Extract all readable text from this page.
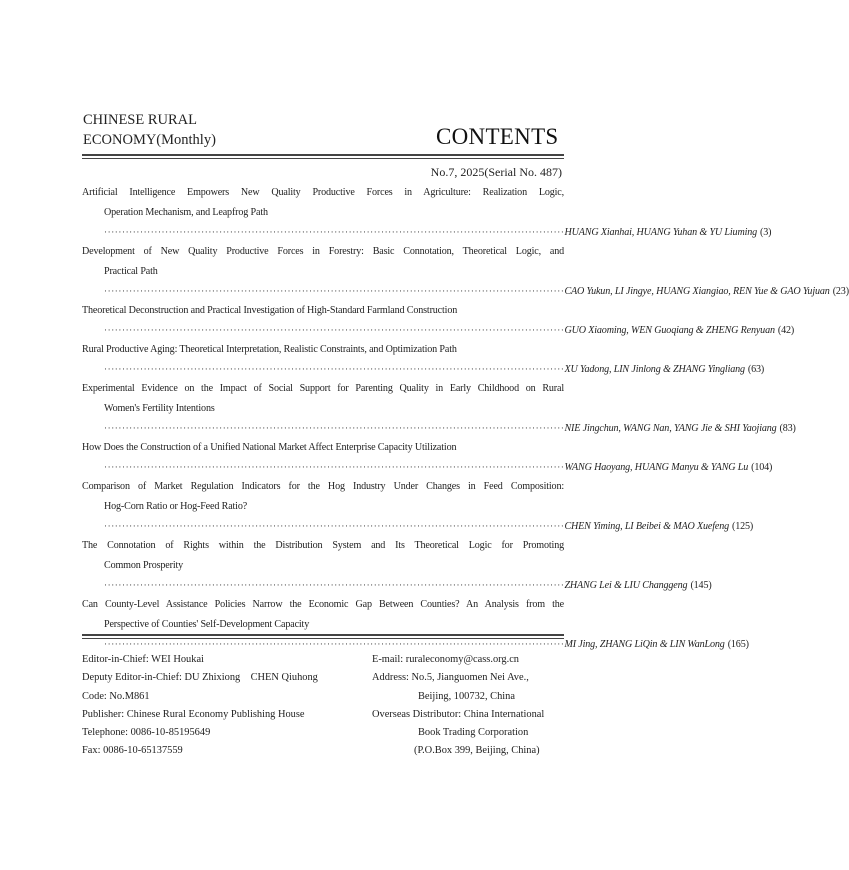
CHINESE RURAL
ECONOMY(Monthly)	CONTENTS
No.7, 2025(Serial No. 487)
Artificial Intelligence Empowers New Quality Productive Forces in Agriculture: Realization Logic,
Operation Mechanism, and Leapfrog Path
································································································································ HUANG Xianhai, HUANG Yuhan & YU Liuming (3)
Development of New Quality Productive Forces in Forestry: Basic Connotation, Theoretical Logic, and
Practical Path
································································································································ CAO Yukun, LI Jingye, HUANG Xiangiao, REN Yue & GAO Yujuan (23)
Theoretical Deconstruction and Practical Investigation of High-Standard Farmland Construction
································································································································ GUO Xiaoming, WEN Guoqiang & ZHENG Renyuan (42)
Rural Productive Aging: Theoretical Interpretation, Realistic Constraints, and Optimization Path
································································································································ XU Yadong, LIN Jinlong & ZHANG Yingliang (63)
Experimental Evidence on the Impact of Social Support for Parenting Quality in Early Childhood on Rural
Women's Fertility Intentions
································································································································ NIE Jingchun, WANG Nan, YANG Jie & SHI Yaojiang (83)
How Does the Construction of a Unified National Market Affect Enterprise Capacity Utilization
································································································································ WANG Haoyang, HUANG Manyu & YANG Lu (104)
Comparison of Market Regulation Indicators for the Hog Industry Under Changes in Feed Composition:
Hog-Corn Ratio or Hog-Feed Ratio?
································································································································ CHEN Yiming, LI Beibei & MAO Xuefeng (125)
The Connotation of Rights within the Distribution System and Its Theoretical Logic for Promoting
Common Prosperity
································································································································ ZHANG Lei & LIU Changgeng (145)
Can County-Level Assistance Policies Narrow the Economic Gap Between Counties? An Analysis from the
Perspective of Counties' Self-Development Capacity
································································································································ MI Jing, ZHANG LiQin & LIN WanLong (165)
Editor-in-Chief: WEI Houkai
Deputy Editor-in-Chief: DU Zhixiong    CHEN Qiuhong
Code: No.M861
Publisher: Chinese Rural Economy Publishing House
Telephone: 0086-10-85195649
Fax: 0086-10-65137559
E-mail: ruraleconomy@cass.org.cn
Address: No.5, Jianguomen Nei Ave.,
Beijing, 100732, China
Overseas Distributor: China International
Book Trading Corporation
(P.O.Box 399, Beijing, China)
